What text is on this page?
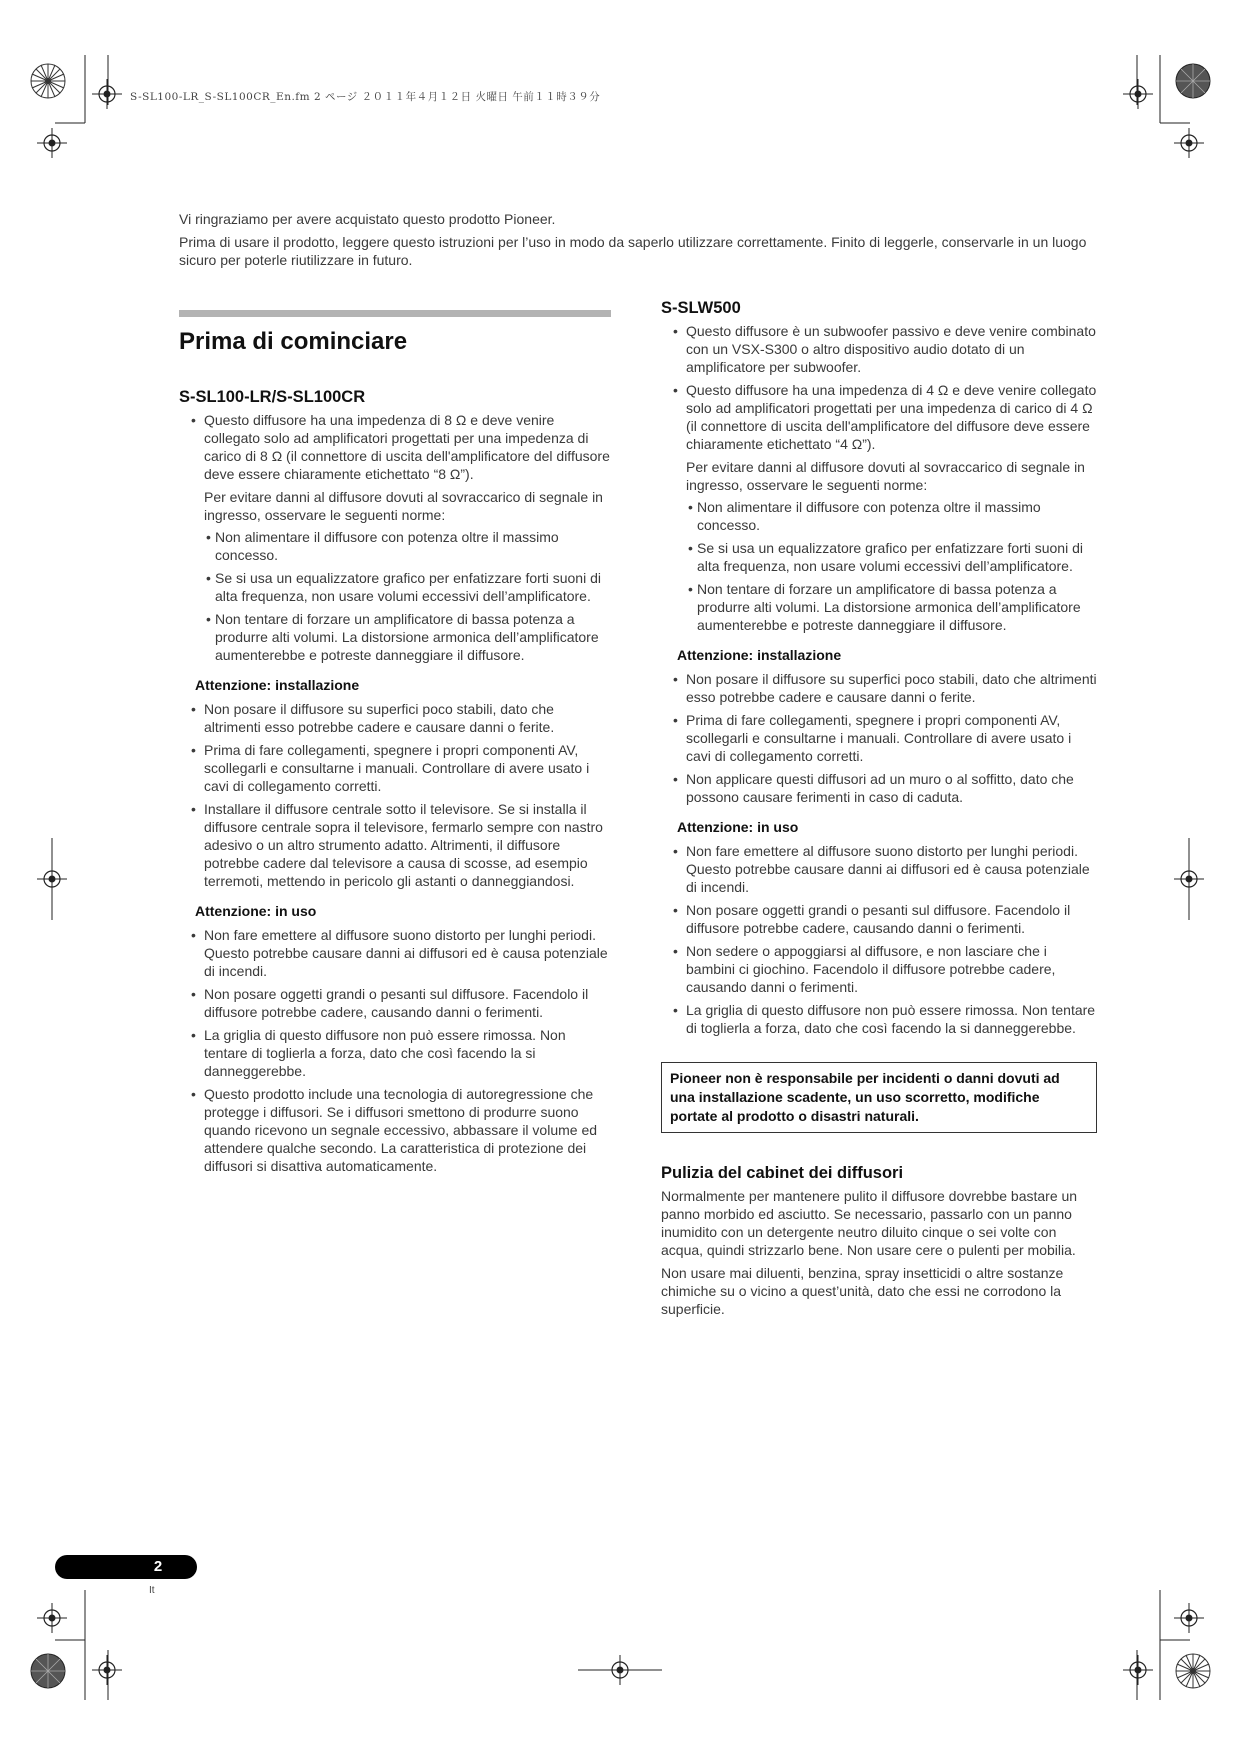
S-SL100-LR_S-SL100CR_En.fm 2 ページ ２０１１年４月１２日 火曜日 午前１１時３９分

Vi ringraziamo per avere acquistato questo prodotto Pioneer.

Prima di usare il prodotto, leggere questo istruzioni per l’uso in modo da saperlo utilizzare correttamente. Finito di leggerle, conservarle in un luogo sicuro per poterle riutilizzare in futuro.

Prima di cominciare
S-SL100-LR/S-SL100CR
• Questo diffusore ha una impedenza di 8 Ω e deve venire collegato solo ad amplificatori progettati per una impedenza di carico di 8 Ω (il connettore di uscita dell'amplificatore del diffusore deve essere chiaramente etichettato “8 Ω”).

Per evitare danni al diffusore dovuti al sovraccarico di segnale in ingresso, osservare le seguenti norme:

• Non alimentare il diffusore con potenza oltre il massimo concesso.
• Se si usa un equalizzatore grafico per enfatizzare forti suoni di alta frequenza, non usare volumi eccessivi dell’amplificatore.
• Non tentare di forzare un amplificatore di bassa potenza a produrre alti volumi. La distorsione armonica dell’amplificatore aumenterebbe e potreste danneggiare il diffusore.
Attenzione: installazione
• Non posare il diffusore su superfici poco stabili, dato che altrimenti esso potrebbe cadere e causare danni o ferite.
• Prima di fare collegamenti, spegnere i propri componenti AV, scollegarli e consultarne i manuali. Controllare di avere usato i cavi di collegamento corretti.
• Installare il diffusore centrale sotto il televisore. Se si installa il diffusore centrale sopra il televisore, fermarlo sempre con nastro adesivo o un altro strumento adatto. Altrimenti, il diffusore potrebbe cadere dal televisore a causa di scosse, ad esempio terremoti, mettendo in pericolo gli astanti o danneggiandosi.
Attenzione: in uso
• Non fare emettere al diffusore suono distorto per lunghi periodi. Questo potrebbe causare danni ai diffusori ed è causa potenziale di incendi.
• Non posare oggetti grandi o pesanti sul diffusore. Facendolo il diffusore potrebbe cadere, causando danni o ferimenti.
• La griglia di questo diffusore non può essere rimossa. Non tentare di toglierla a forza, dato che così facendo la si danneggerebbe.
• Questo prodotto include una tecnologia di autoregressione che protegge i diffusori. Se i diffusori smettono di produrre suono quando ricevono un segnale eccessivo, abbassare il volume ed attendere qualche secondo. La caratteristica di protezione dei diffusori si disattiva automaticamente.
S-SLW500
• Questo diffusore è un subwoofer passivo e deve venire combinato con un VSX-S300 o altro dispositivo audio dotato di un amplificatore per subwoofer.
• Questo diffusore ha una impedenza di 4 Ω e deve venire collegato solo ad amplificatori progettati per una impedenza di carico di 4 Ω (il connettore di uscita dell'amplificatore del diffusore deve essere chiaramente etichettato “4 Ω”).

Per evitare danni al diffusore dovuti al sovraccarico di segnale in ingresso, osservare le seguenti norme:

• Non alimentare il diffusore con potenza oltre il massimo concesso.
• Se si usa un equalizzatore grafico per enfatizzare forti suoni di alta frequenza, non usare volumi eccessivi dell’amplificatore.
• Non tentare di forzare un amplificatore di bassa potenza a produrre alti volumi. La distorsione armonica dell’amplificatore aumenterebbe e potreste danneggiare il diffusore.
Attenzione: installazione
• Non posare il diffusore su superfici poco stabili, dato che altrimenti esso potrebbe cadere e causare danni o ferite.
• Prima di fare collegamenti, spegnere i propri componenti AV, scollegarli e consultarne i manuali. Controllare di avere usato i cavi di collegamento corretti.
• Non applicare questi diffusori ad un muro o al soffitto, dato che possono causare ferimenti in caso di caduta.
Attenzione: in uso
• Non fare emettere al diffusore suono distorto per lunghi periodi. Questo potrebbe causare danni ai diffusori ed è causa potenziale di incendi.
• Non posare oggetti grandi o pesanti sul diffusore. Facendolo il diffusore potrebbe cadere, causando danni o ferimenti.
• Non sedere o appoggiarsi al diffusore, e non lasciare che i bambini ci giochino. Facendolo il diffusore potrebbe cadere, causando danni o ferimenti.
• La griglia di questo diffusore non può essere rimossa. Non tentare di toglierla a forza, dato che così facendo la si danneggerebbe.
Pioneer non è responsabile per incidenti o danni dovuti ad una installazione scadente, un uso scorretto, modifiche portate al prodotto o disastri naturali.
Pulizia del cabinet dei diffusori

Normalmente per mantenere pulito il diffusore dovrebbe bastare un panno morbido ed asciutto. Se necessario, passarlo con un panno inumidito con un detergente neutro diluito cinque o sei volte con acqua, quindi strizzarlo bene. Non usare cere o pulenti per mobilia.

Non usare mai diluenti, benzina, spray insetticidi o altre sostanze chimiche su o vicino a quest’unità, dato che essi ne corrodono la superficie.

2
It
